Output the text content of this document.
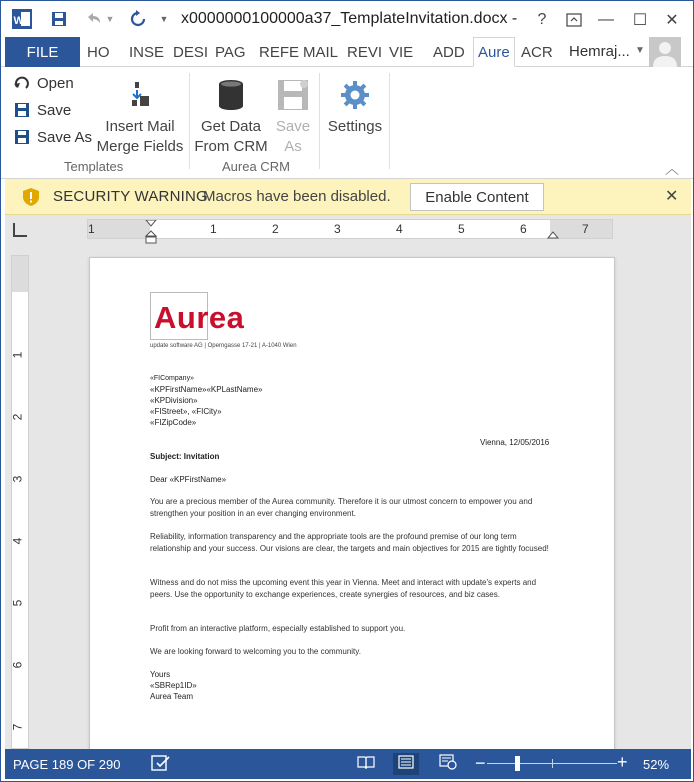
W	▼	▼ x0000000100000a37_TemplateInvitation.docx -	?	—	☐	✕
FILE	HO INSE DESI PAG REFE MAIL REVI VIE ADD Aure ACR Hemraj... ▼
Open
Save
Save As
Insert Mail
Merge Fields
Templates
Get Data
From CRM
Save
As
Aurea CRM
Settings
︿
SECURITY WARNING
Macros have been disabled.	Enable Content	✕
1	1	2	3	4	5	6	7
1
2
3
4
5
6
7
Aurea
update software AG | Operngasse 17-21 | A-1040 Wien
«FICompany»
«KPFirstName»«KPLastName»
«KPDivision»
«FIStreet», «FICity»
«FIZipCode»
Vienna, 12/05/2016
Subject: Invitation
Dear «KPFirstName»
You are a precious member of the Aurea community. Therefore it is our utmost concern to empower you and strengthen your position in an ever changing environment.
Reliability, information transparency and the appropriate tools are the profound premise of our long term relationship and your success. Our visions are clear, the targets and main objectives for 2015 are tightly focused!
Witness and do not miss the upcoming event this year in Vienna. Meet and interact with update's experts and peers. Use the opportunity to exchange experiences, create synergies of resources, and biz cases.
Profit from an interactive platform, especially established to support you.
We are looking forward to welcoming you to the community.
Yours
«SBRep1ID»
Aurea Team
PAGE 189 OF 290	−	+ 52%
